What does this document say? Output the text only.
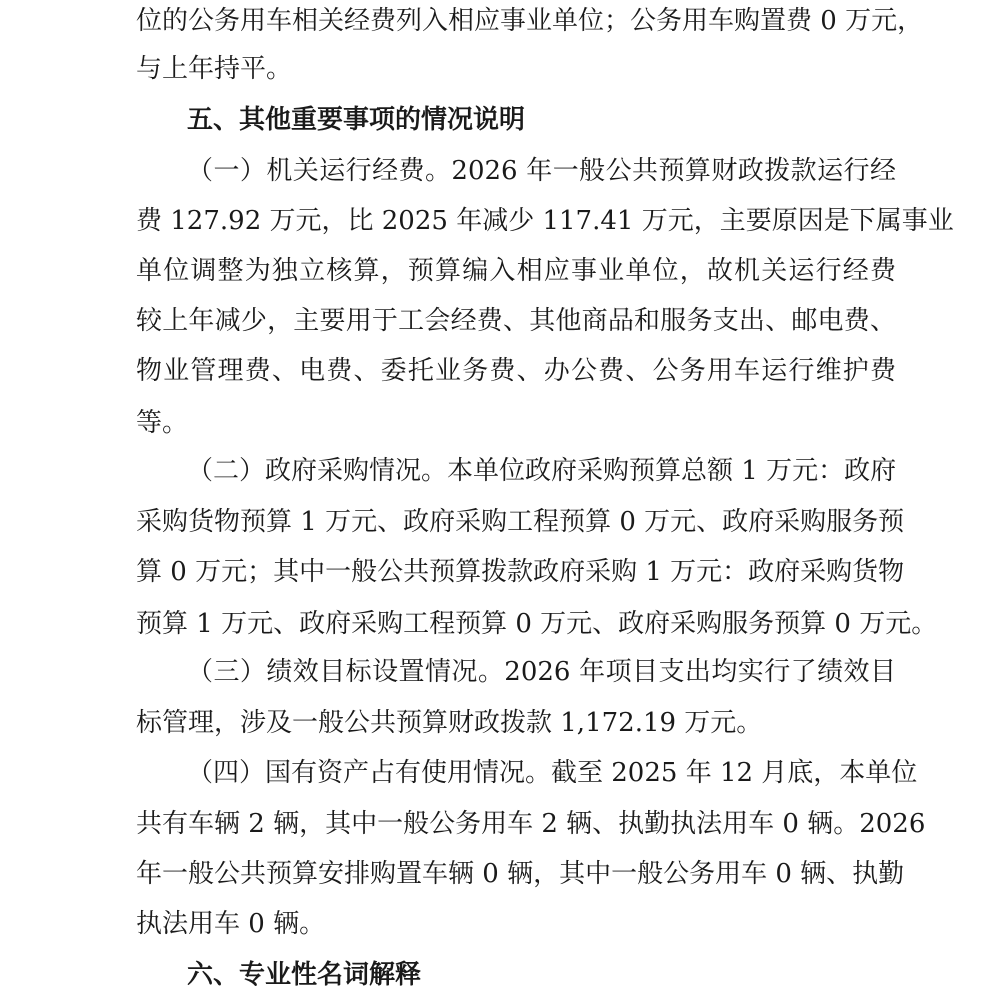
位的公务用车相关经费列入相应事业单位；公务用车购置费 0 万元，
与上年持平。
五、其他重要事项的情况说明
（一）机关运行经费。2026 年一般公共预算财政拨款运行经
费 127.92 万元，比 2025 年减少 117.41 万元，主要原因是下属事业
单位调整为独立核算，预算编入相应事业单位，故机关运行经费
较上年减少，主要用于工会经费、其他商品和服务支出、邮电费、
物业管理费、电费、委托业务费、办公费、公务用车运行维护费
等。
（二）政府采购情况。本单位政府采购预算总额 1 万元：政府
采购货物预算 1 万元、政府采购工程预算 0 万元、政府采购服务预
算 0 万元；其中一般公共预算拨款政府采购 1 万元：政府采购货物
预算 1 万元、政府采购工程预算 0 万元、政府采购服务预算 0 万元。
（三）绩效目标设置情况。2026 年项目支出均实行了绩效目
标管理，涉及一般公共预算财政拨款 1,172.19 万元。
（四）国有资产占有使用情况。截至 2025 年 12 月底，本单位
共有车辆 2 辆，其中一般公务用车 2 辆、执勤执法用车 0 辆。2026
年一般公共预算安排购置车辆 0 辆，其中一般公务用车 0 辆、执勤
执法用车 0 辆。
六、专业性名词解释
